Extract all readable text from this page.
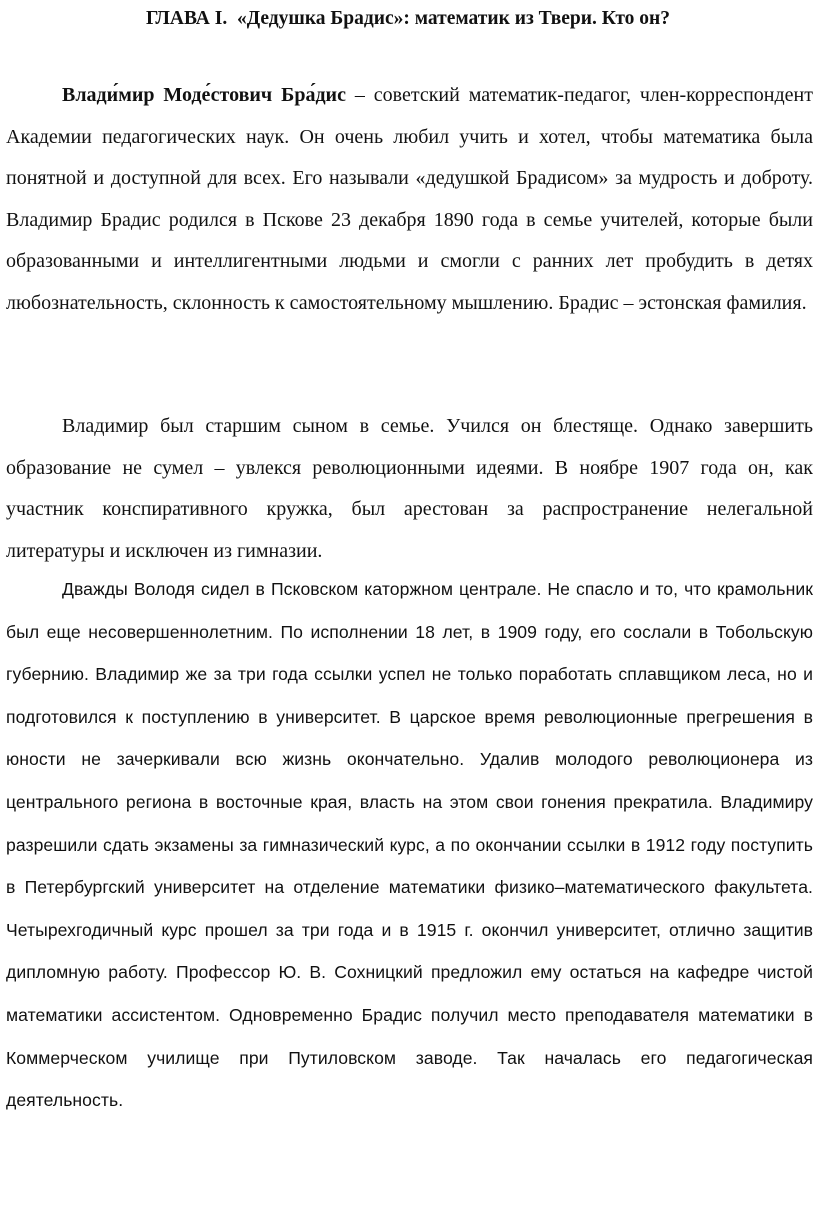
ГЛАВА I.  «Дедушка Брадис»: математик из Твери. Кто он?

Влади́мир Моде́стович Бра́дис – советский математик-педагог, член-корреспондент Академии педагогических наук. Он очень любил учить и хотел, чтобы математика была понятной и доступной для всех. Его называли «дедушкой Брадисом» за мудрость и доброту. Владимир Брадис родился в Пскове 23 декабря 1890 года в семье учителей, которые были образованными и интеллигентными людьми и смогли с ранних лет пробудить в детях любознательность, склонность к самостоятельному мышлению. Брадис – эстонская фамилия.

Владимир был старшим сыном в семье. Учился он блестяще. Однако завершить образование не сумел – увлекся революционными идеями. В ноябре 1907 года он, как участник конспиративного кружка, был арестован за распространение нелегальной литературы и исключен из гимназии.

Дважды Володя сидел в Псковском каторжном централе. Не спасло и то, что крамольник был еще несовершеннолетним. По исполнении 18 лет, в 1909 году, его сослали в Тобольскую губернию. Владимир же за три года ссылки успел не только поработать сплавщиком леса, но и подготовился к поступлению в университет. В царское время революционные прегрешения в юности не зачеркивали всю жизнь окончательно. Удалив молодого революционера из центрального региона в восточные края, власть на этом свои гонения прекратила. Владимиру разрешили сдать экзамены за гимназический курс, а по окончании ссылки в 1912 году поступить в Петербургский университет на отделение математики физико–математического факультета. Четырехгодичный курс прошел за три года и в 1915 г. окончил университет, отлично защитив дипломную работу. Профессор Ю. В. Сохницкий предложил ему остаться на кафедре чистой математики ассистентом. Одновременно Брадис получил место преподавателя математики в Коммерческом училище при Путиловском заводе. Так началась его педагогическая деятельность.
